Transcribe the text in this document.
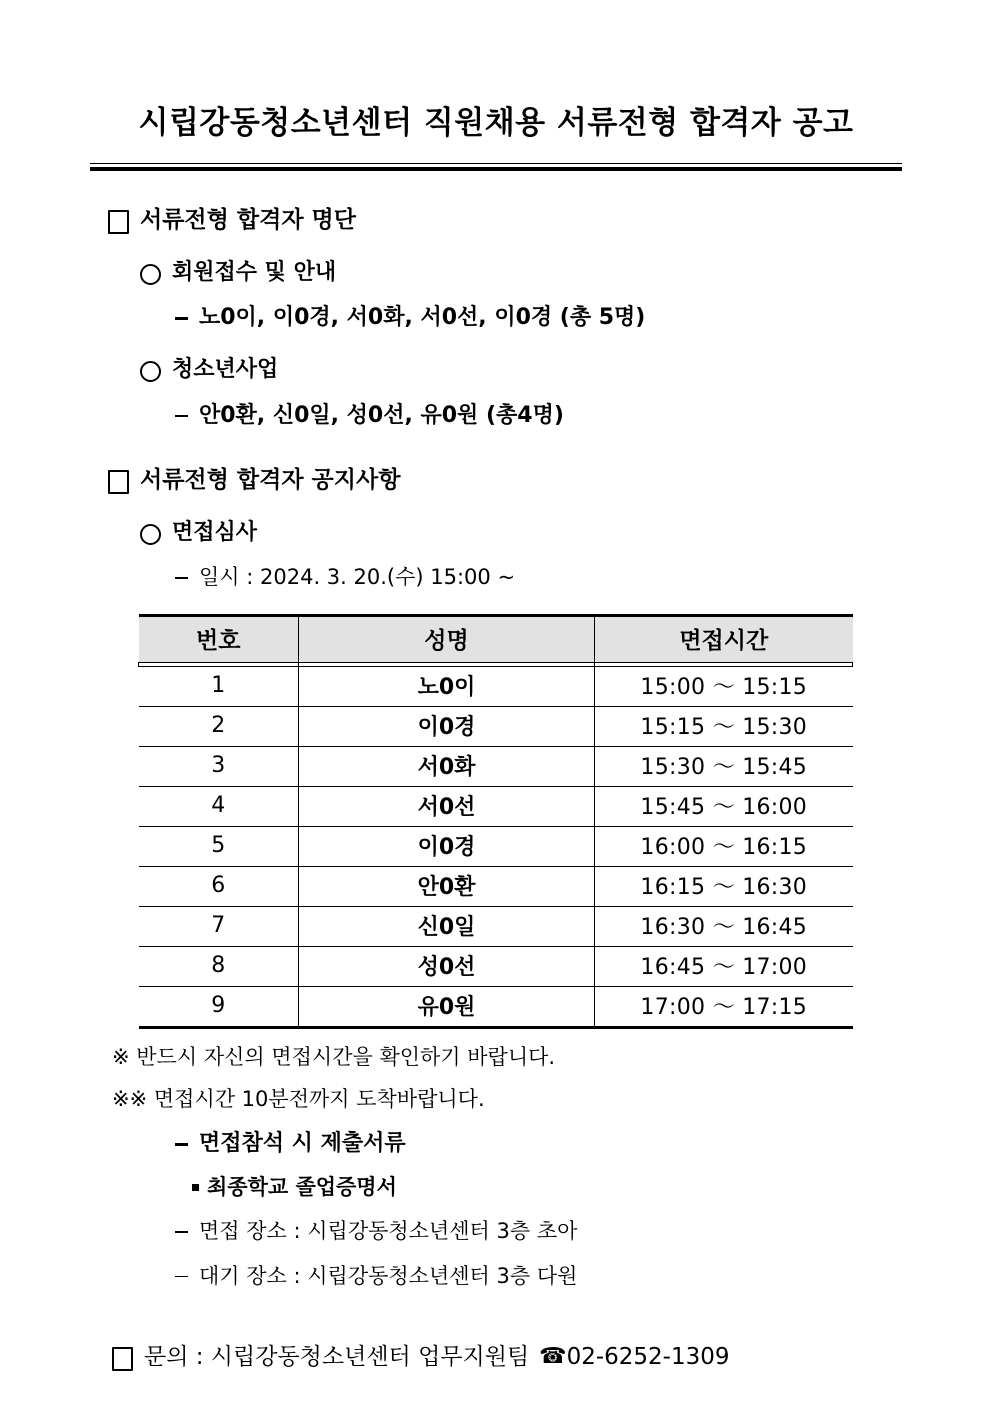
시립강동청소년센터 직원채용 서류전형 합격자 공고
서류전형 합격자 명단
회원접수 및 안내
노0이, 이0경, 서0화, 서0선, 이0경 (총 5명)
청소년사업
안0환, 신0일, 성0선, 유0원 (총4명)
서류전형 합격자 공지사항
면접심사
일시 : 2024. 3. 20.(수) 15:00 ~
번호	성명	면접시간

1	노0이	15:00 ～ 15:15
2	이0경	15:15 ～ 15:30
3	서0화	15:30 ～ 15:45
4	서0선	15:45 ～ 16:00
5	이0경	16:00 ～ 16:15
6	안0환	16:15 ～ 16:30
7	신0일	16:30 ～ 16:45
8	성0선	16:45 ～ 17:00
9	유0원	17:00 ～ 17:15
※ 반드시 자신의 면접시간을 확인하기 바랍니다.
※※ 면접시간 10분전까지 도착바랍니다.
면접참석 시 제출서류
최종학교 졸업증명서
면접 장소 : 시립강동청소년센터 3층 초아
대기 장소 : 시립강동청소년센터 3층 다원
문의 : 시립강동청소년센터 업무지원팀 ☎ 02-6252-1309
